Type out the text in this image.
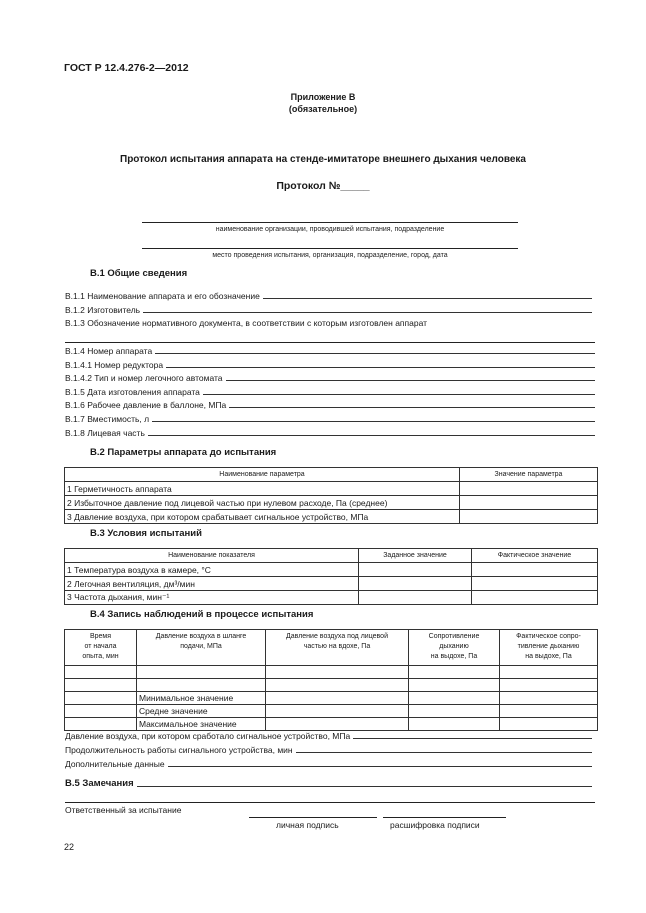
ГОСТ Р 12.4.276-2—2012
Приложение В
(обязательное)
Протокол испытания аппарата на стенде-имитаторе внешнего дыхания человека
Протокол №_____
наименование организации, проводившей испытания, подразделение
место проведения испытания, организация, подразделение, город, дата
В.1 Общие сведения
В.1.1 Наименование аппарата и его обозначение
В.1.2 Изготовитель
В.1.3 Обозначение нормативного документа, в соответствии с которым изготовлен аппарат
В.1.4 Номер аппарата
В.1.4.1 Номер редуктора
В.1.4.2 Тип и номер легочного автомата
В.1.5 Дата изготовления аппарата
В.1.6 Рабочее давление в баллоне, МПа
В.1.7 Вместимость, л
В.1.8 Лицевая часть
В.2 Параметры аппарата до испытания
Наименование параметра	Значение параметра
1 Герметичность аппарата	
2 Избыточное давление под лицевой частью при нулевом расходе, Па (среднее)	
3 Давление воздуха, при котором срабатывает сигнальное устройство, МПа	
В.3 Условия испытаний
Наименование показателя	Заданное значение	Фактическое значение
1 Температура воздуха в камере, °С		
2 Легочная вентиляция, дм³/мин		
3 Частота дыхания, мин⁻¹		
В.4 Запись наблюдений в процессе испытания
Время
от начала
опыта, мин	Давление воздуха в шланге
подачи, МПа	Давление воздуха под лицевой
частью на вдохе, Па	Сопротивление
дыханию
на выдохе, Па	Фактическое сопро-
тивление дыханию
на выдохе, Па

	Минимальное значение			
	Средне значение			
	Максимальное значение			
Давление воздуха, при котором сработало сигнальное устройство, МПа
Продолжительность работы сигнального устройства, мин
Дополнительные данные
В.5 Замечания
Ответственный за испытание
личная подпись	расшифровка подписи
22
